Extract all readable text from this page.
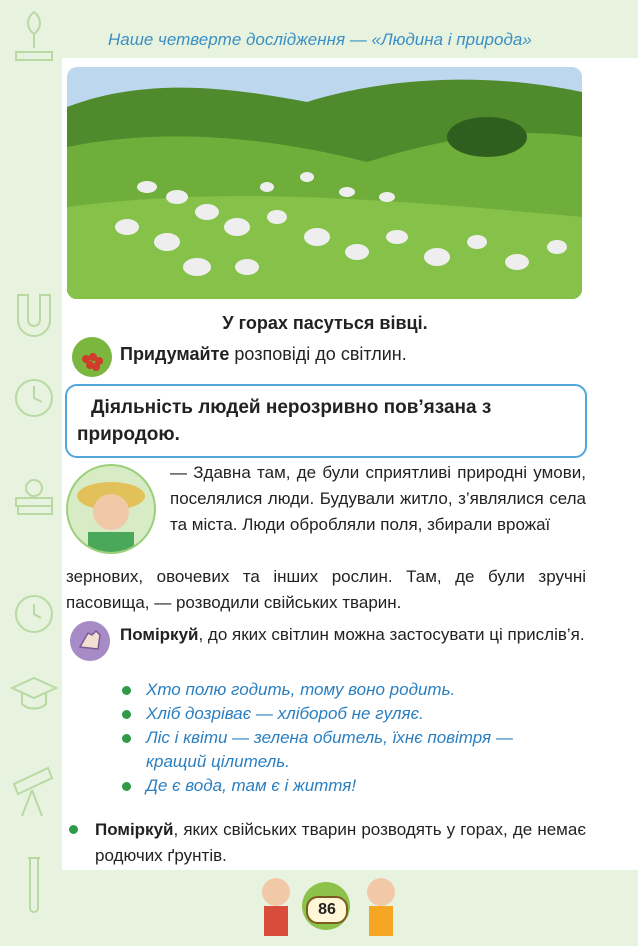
Наше четверте дослідження — «Людина і природа»
У горах пасуться вівці.
Придумайте розповіді до світлин.
Діяльність людей нерозривно пов’язана з природою.
— Здавна там, де були сприятливі природні умови, поселялися люди. Будували житло, з’являлися села та міста. Люди обробляли поля, збирали врожаї
зернових, овочевих та інших рослин. Там, де були зручні пасовища, — розводили свійських тварин.
Поміркуй, до яких світлин можна застосувати ці прислів’я.
Хто полю годить, тому воно родить.
Хліб дозріває — хлібороб не гуляє.
Ліс і квіти — зелена обитель, їхнє повітря —
кращий цілитель.
Де є вода, там є і життя!
Поміркуй, яких свійських тварин розводять у горах, де немає родючих ґрунтів.
86
